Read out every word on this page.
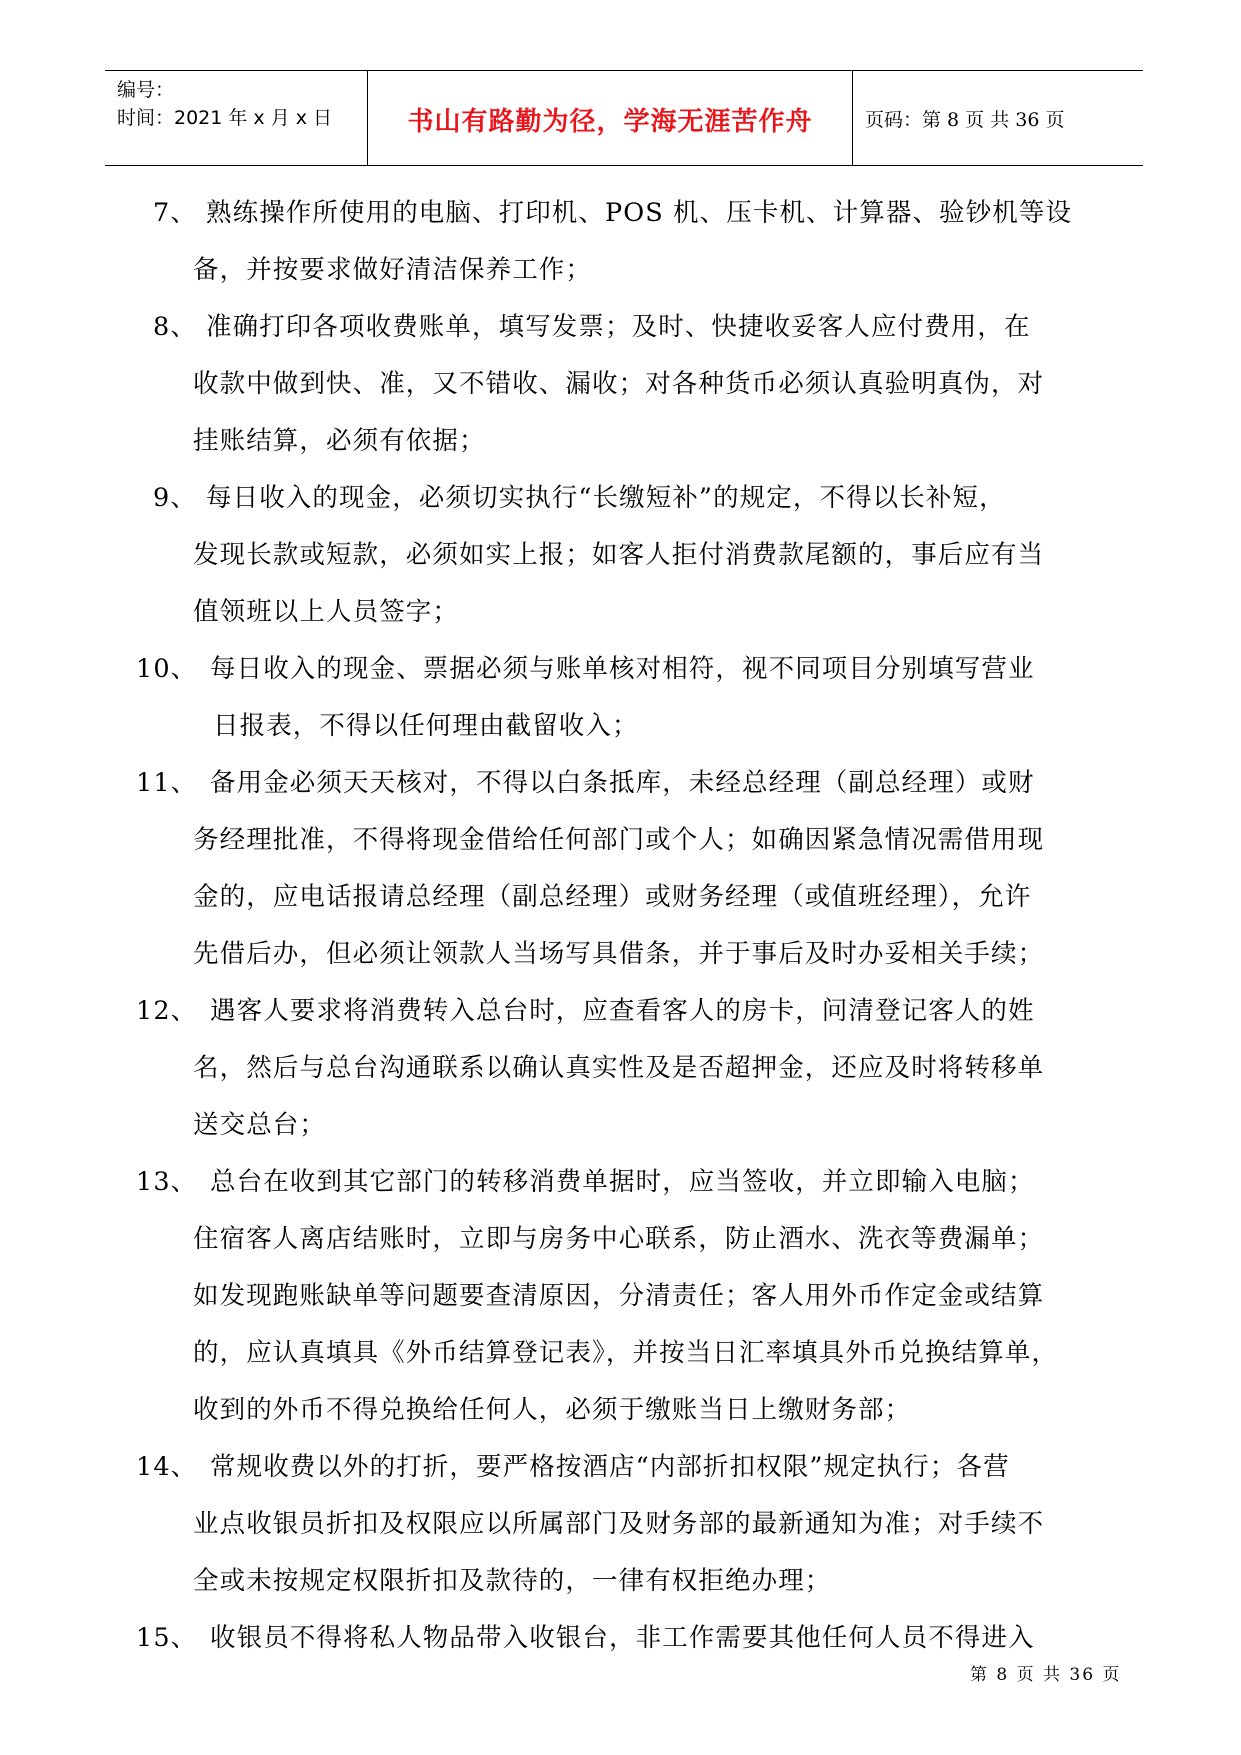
编号：
时间：2021 年 x 月 x 日	书山有路勤为径，学海无涯苦作舟	页码：第 8 页 共 36 页
7、 熟练操作所使用的电脑、打印机、POS 机、压卡机、计算器、验钞机等设
备，并按要求做好清洁保养工作；
8、 准确打印各项收费账单，填写发票；及时、快捷收妥客人应付费用，在
收款中做到快、准，又不错收、漏收；对各种货币必须认真验明真伪，对
挂账结算，必须有依据；
9、 每日收入的现金，必须切实执行“长缴短补”的规定，不得以长补短，
发现长款或短款，必须如实上报；如客人拒付消费款尾额的，事后应有当
值领班以上人员签字；
10、 每日收入的现金、票据必须与账单核对相符，视不同项目分别填写营业
日报表，不得以任何理由截留收入；
11、 备用金必须天天核对，不得以白条抵库，未经总经理（副总经理）或财
务经理批准，不得将现金借给任何部门或个人；如确因紧急情况需借用现
金的，应电话报请总经理（副总经理）或财务经理（或值班经理），允许
先借后办，但必须让领款人当场写具借条，并于事后及时办妥相关手续；
12、 遇客人要求将消费转入总台时，应查看客人的房卡，问清登记客人的姓
名，然后与总台沟通联系以确认真实性及是否超押金，还应及时将转移单
送交总台；
13、 总台在收到其它部门的转移消费单据时，应当签收，并立即输入电脑；
住宿客人离店结账时，立即与房务中心联系，防止酒水、洗衣等费漏单；
如发现跑账缺单等问题要查清原因，分清责任；客人用外币作定金或结算
的，应认真填具《外币结算登记表》，并按当日汇率填具外币兑换结算单，
收到的外币不得兑换给任何人，必须于缴账当日上缴财务部；
14、 常规收费以外的打折，要严格按酒店“内部折扣权限”规定执行；各营
业点收银员折扣及权限应以所属部门及财务部的最新通知为准；对手续不
全或未按规定权限折扣及款待的，一律有权拒绝办理；
15、 收银员不得将私人物品带入收银台，非工作需要其他任何人员不得进入
第 8 页 共 36 页
